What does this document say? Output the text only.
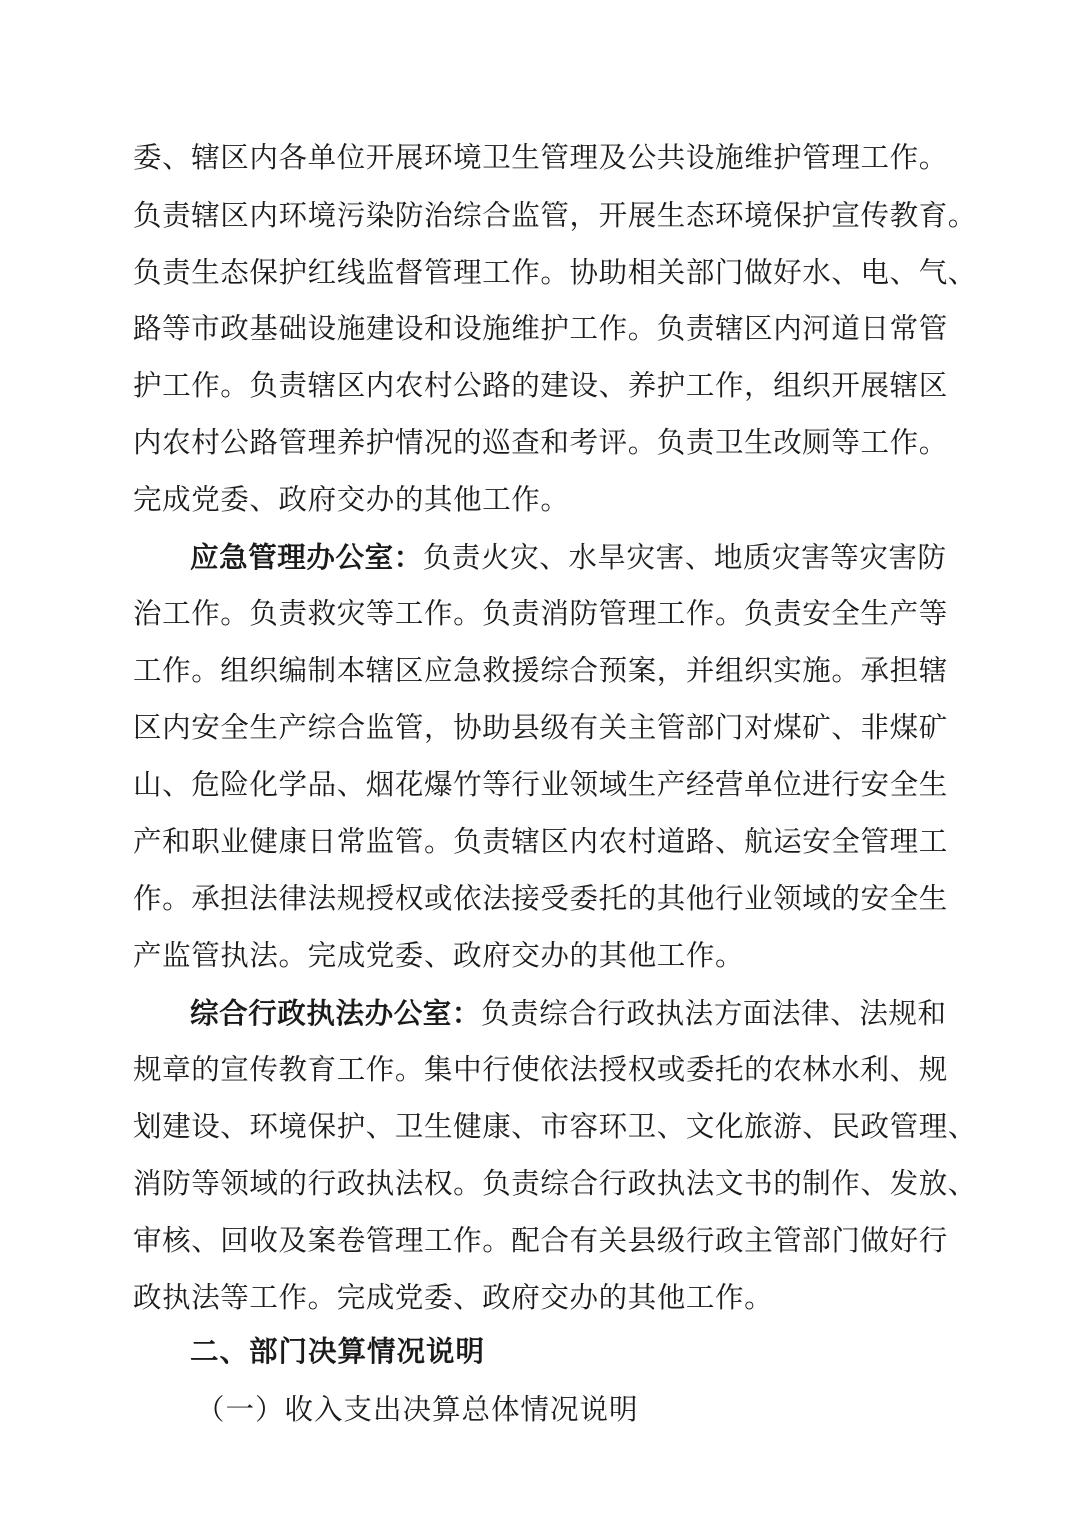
委、辖区内各单位开展环境卫生管理及公共设施维护管理工作。
负责辖区内环境污染防治综合监管，开展生态环境保护宣传教育。
负责生态保护红线监督管理工作。协助相关部门做好水、电、气、
路等市政基础设施建设和设施维护工作。负责辖区内河道日常管
护工作。负责辖区内农村公路的建设、养护工作，组织开展辖区
内农村公路管理养护情况的巡查和考评。负责卫生改厕等工作。
完成党委、政府交办的其他工作。
应急管理办公室：负责火灾、水旱灾害、地质灾害等灾害防
治工作。负责救灾等工作。负责消防管理工作。负责安全生产等
工作。组织编制本辖区应急救援综合预案，并组织实施。承担辖
区内安全生产综合监管，协助县级有关主管部门对煤矿、非煤矿
山、危险化学品、烟花爆竹等行业领域生产经营单位进行安全生
产和职业健康日常监管。负责辖区内农村道路、航运安全管理工
作。承担法律法规授权或依法接受委托的其他行业领域的安全生
产监管执法。完成党委、政府交办的其他工作。
综合行政执法办公室：负责综合行政执法方面法律、法规和
规章的宣传教育工作。集中行使依法授权或委托的农林水利、规
划建设、环境保护、卫生健康、市容环卫、文化旅游、民政管理、
消防等领域的行政执法权。负责综合行政执法文书的制作、发放、
审核、回收及案卷管理工作。配合有关县级行政主管部门做好行
政执法等工作。完成党委、政府交办的其他工作。
二、部门决算情况说明
（一）收入支出决算总体情况说明
